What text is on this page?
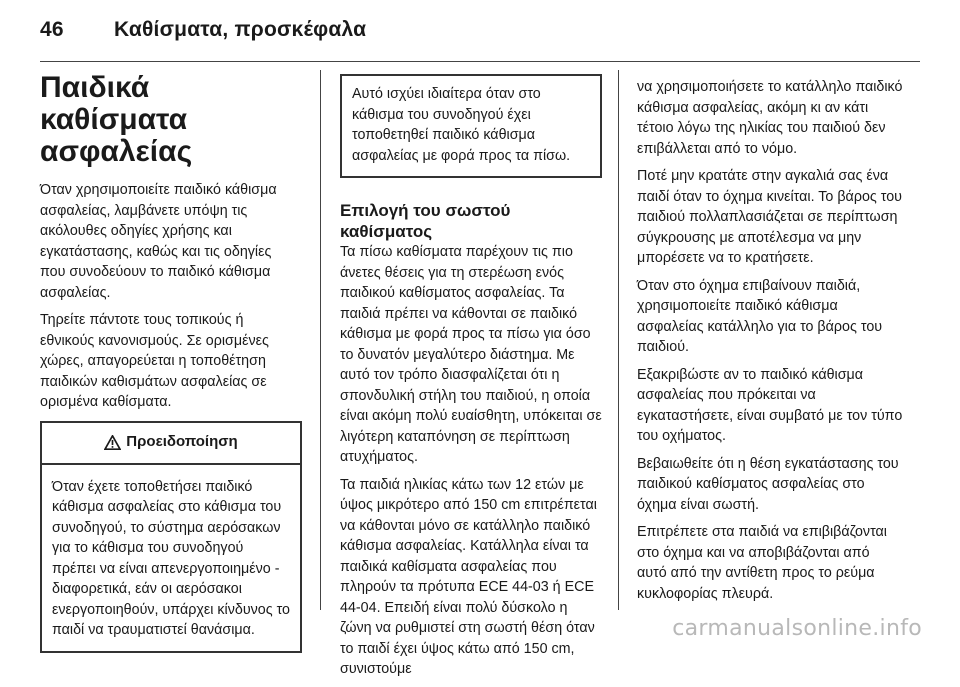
46 Καθίσματα, προσκέφαλα
Παιδικά καθίσματα ασφαλείας

Όταν χρησιμοποιείτε παιδικό κάθισμα ασφαλείας, λαμβάνετε υπόψη τις ακόλουθες οδηγίες χρήσης και εγκατάστασης, καθώς και τις οδηγίες που συνοδεύουν το παιδικό κάθισμα ασφαλείας.

Τηρείτε πάντοτε τους τοπικούς ή εθνικούς κανονισμούς. Σε ορισμένες χώρες, απαγορεύεται η τοποθέτηση παιδικών καθισμάτων ασφαλείας σε ορισμένα καθίσματα.

Προειδοποίηση
Όταν έχετε τοποθετήσει παιδικό κάθισμα ασφαλείας στο κάθισμα του συνοδηγού, το σύστημα αερόσακων για το κάθισμα του συνοδηγού πρέπει να είναι απενεργοποιημένο - διαφορετικά, εάν οι αερόσακοι ενεργοποιηθούν, υπάρχει κίνδυνος το παιδί να τραυματιστεί θανάσιμα.
Αυτό ισχύει ιδιαίτερα όταν στο κάθισμα του συνοδηγού έχει τοποθετηθεί παιδικό κάθισμα ασφαλείας με φορά προς τα πίσω.
Επιλογή του σωστού καθίσματος

Τα πίσω καθίσματα παρέχουν τις πιο άνετες θέσεις για τη στερέωση ενός παιδικού καθίσματος ασφαλείας. Τα παιδιά πρέπει να κάθονται σε παιδικό κάθισμα με φορά προς τα πίσω για όσο το δυνατόν μεγαλύτερο διάστημα. Με αυτό τον τρόπο διασφαλίζεται ότι η σπονδυλική στήλη του παιδιού, η οποία είναι ακόμη πολύ ευαίσθητη, υπόκειται σε λιγότερη καταπόνηση σε περίπτωση ατυχήματος.

Τα παιδιά ηλικίας κάτω των 12 ετών με ύψος μικρότερο από 150 cm επιτρέπεται να κάθονται μόνο σε κατάλληλο παιδικό κάθισμα ασφαλείας. Κατάλληλα είναι τα παιδικά καθίσματα ασφαλείας που πληρούν τα πρότυπα ECE 44-03 ή ECE 44-04. Επειδή είναι πολύ δύσκολο η ζώνη να ρυθμιστεί στη σωστή θέση όταν το παιδί έχει ύψος κάτω από 150 cm, συνιστούμε

να χρησιμοποιήσετε το κατάλληλο παιδικό κάθισμα ασφαλείας, ακόμη κι αν κάτι τέτοιο λόγω της ηλικίας του παιδιού δεν επιβάλλεται από το νόμο.

Ποτέ μην κρατάτε στην αγκαλιά σας ένα παιδί όταν το όχημα κινείται. Το βάρος του παιδιού πολλαπλασιάζεται σε περίπτωση σύγκρουσης με αποτέλεσμα να μην μπορέσετε να το κρατήσετε.

Όταν στο όχημα επιβαίνουν παιδιά, χρησιμοποιείτε παιδικό κάθισμα ασφαλείας κατάλληλο για το βάρος του παιδιού.

Εξακριβώστε αν το παιδικό κάθισμα ασφαλείας που πρόκειται να εγκαταστήσετε, είναι συμβατό με τον τύπο του οχήματος.

Βεβαιωθείτε ότι η θέση εγκατάστασης του παιδικού καθίσματος ασφαλείας στο όχημα είναι σωστή.

Επιτρέπετε στα παιδιά να επιβιβάζονται στο όχημα και να αποβιβάζονται από αυτό από την αντίθετη προς το ρεύμα κυκλοφορίας πλευρά.

carmanualsonline.info
